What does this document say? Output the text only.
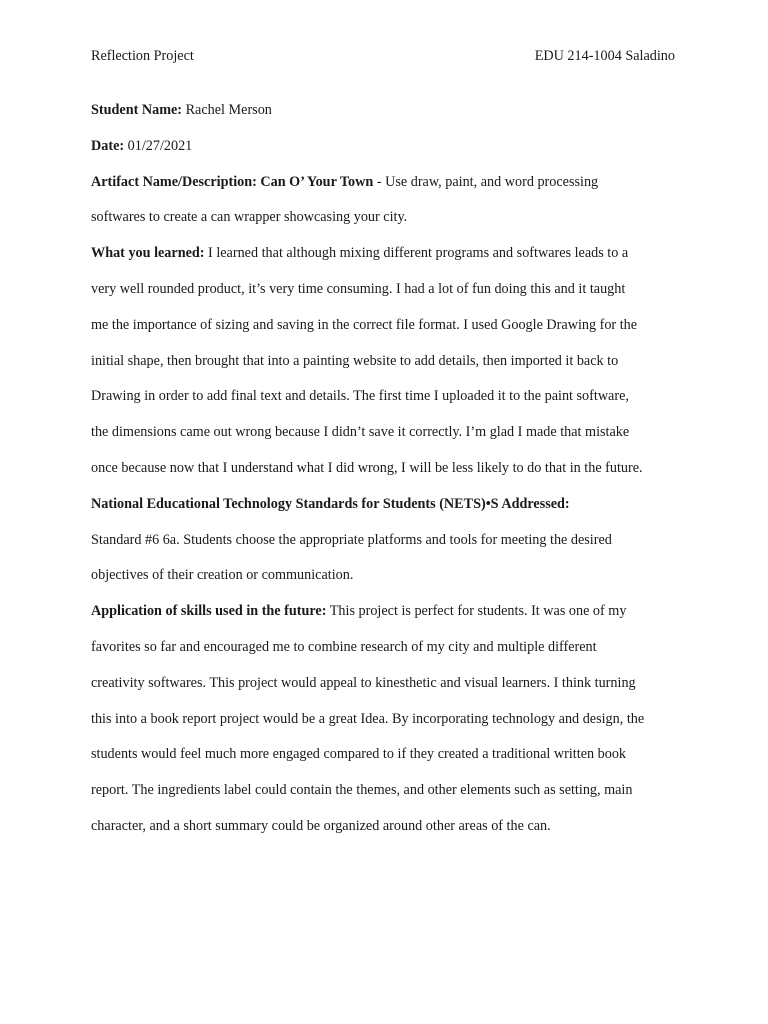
Reflection Project	EDU 214-1004 Saladino

Student Name: Rachel Merson

Date: 01/27/2021

Artifact Name/Description: Can O’ Your Town - Use draw, paint, and word processing

softwares to create a can wrapper showcasing your city.

What you learned: I learned that although mixing different programs and softwares leads to a

very well rounded product, it’s very time consuming. I had a lot of fun doing this and it taught

me the importance of sizing and saving in the correct file format. I used Google Drawing for the

initial shape, then brought that into a painting website to add details, then imported it back to

Drawing in order to add final text and details. The first time I uploaded it to the paint software,

the dimensions came out wrong because I didn’t save it correctly. I’m glad I made that mistake

once because now that I understand what I did wrong, I will be less likely to do that in the future.

National Educational Technology Standards for Students (NETS)•S Addressed:

Standard #6 6a. Students choose the appropriate platforms and tools for meeting the desired

objectives of their creation or communication.

Application of skills used in the future: This project is perfect for students. It was one of my

favorites so far and encouraged me to combine research of my city and multiple different

creativity softwares. This project would appeal to kinesthetic and visual learners. I think turning

this into a book report project would be a great Idea. By incorporating technology and design, the

students would feel much more engaged compared to if they created a traditional written book

report. The ingredients label could contain the themes, and other elements such as setting, main

character, and a short summary could be organized around other areas of the can.
